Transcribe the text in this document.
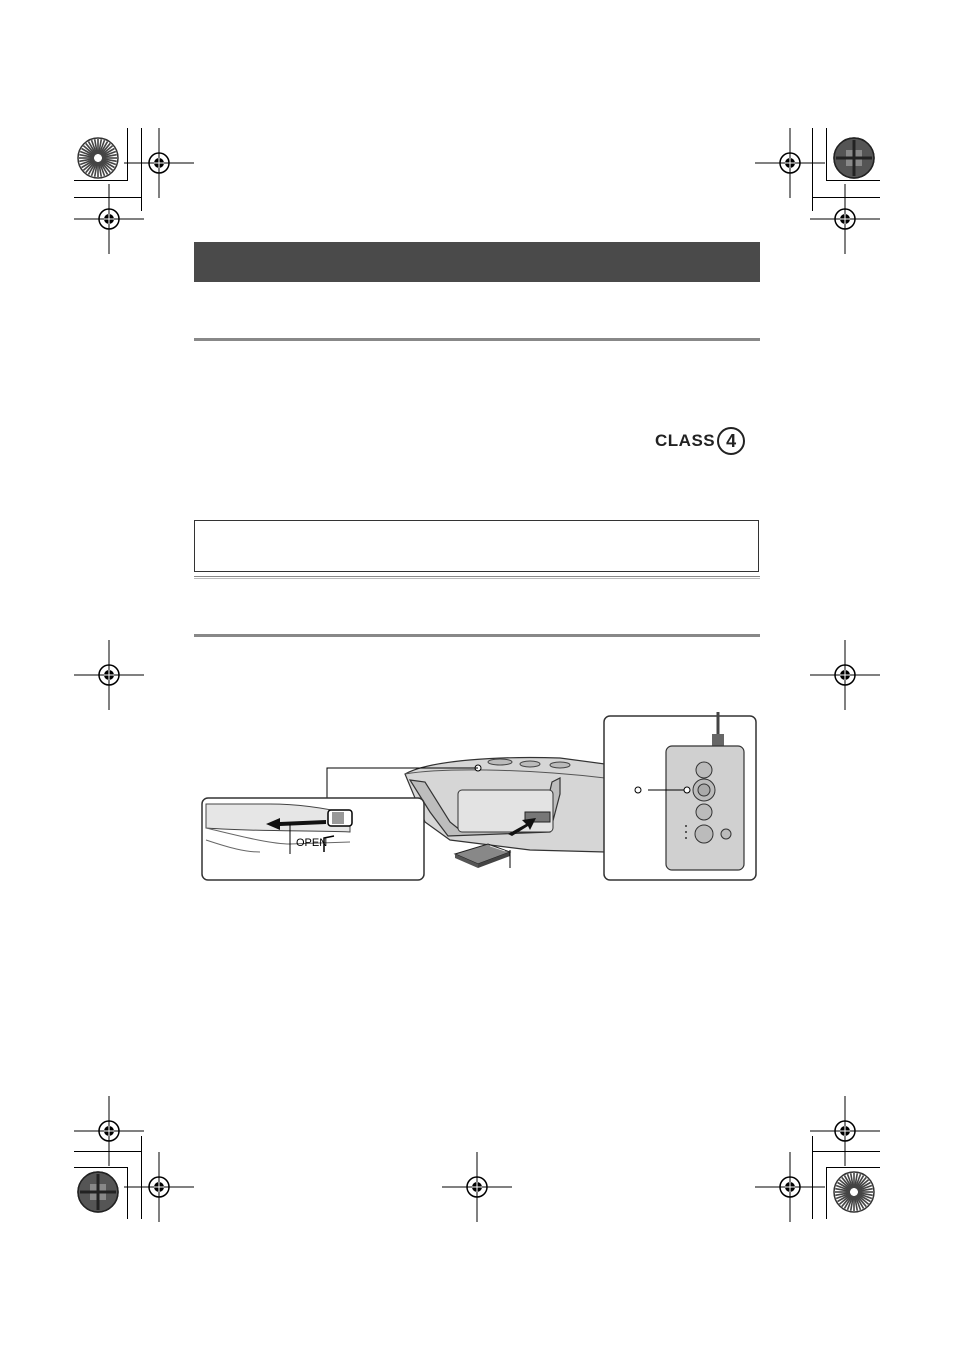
CLASS 4
OPEN
